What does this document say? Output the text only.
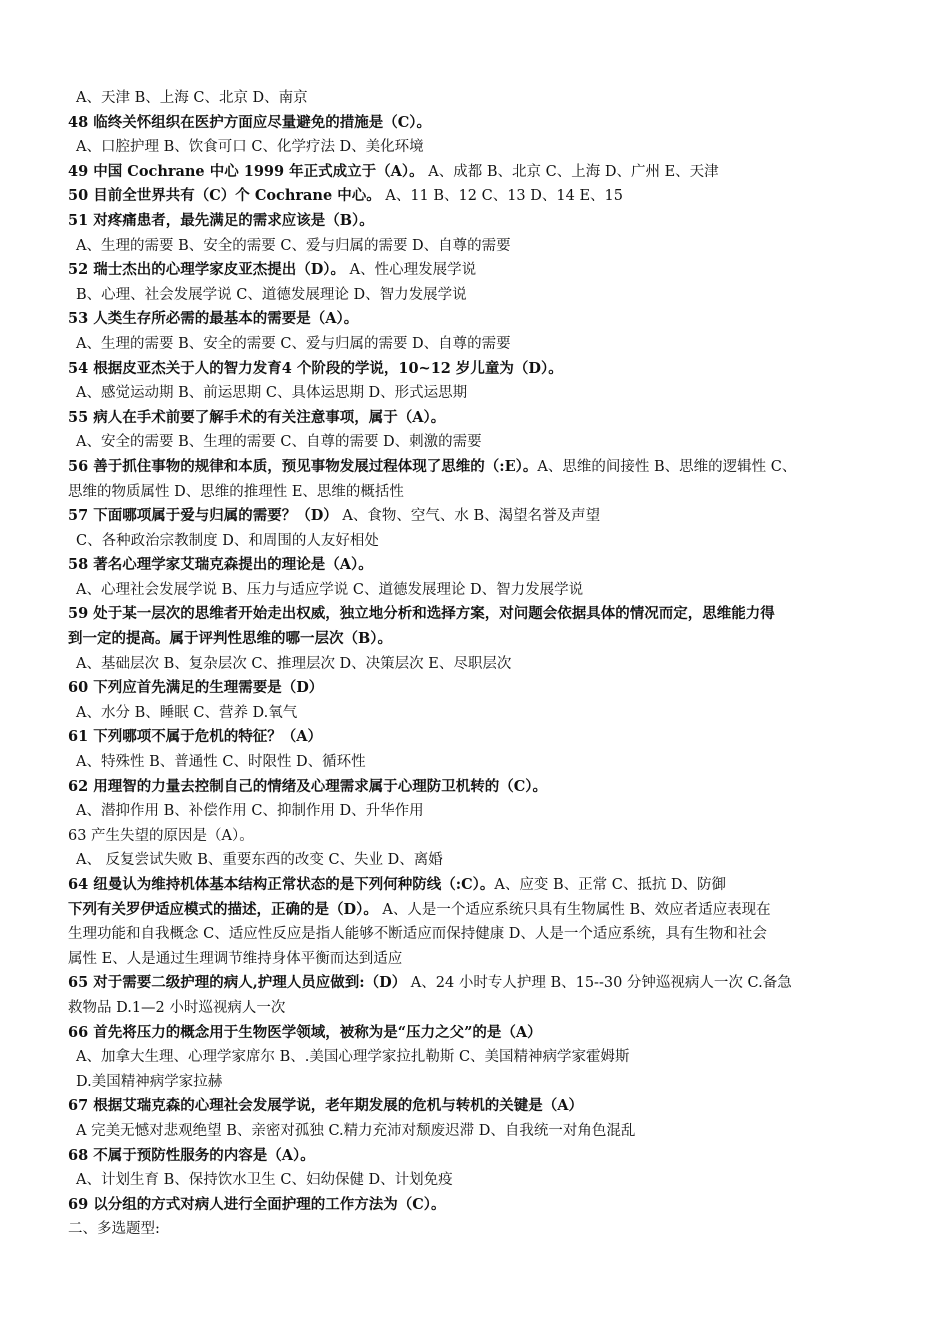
A、天津 B、上海 C、北京 D、南京
48 临终关怀组织在医护方面应尽量避免的措施是（C）。
A、口腔护理 B、饮食可口 C、化学疗法 D、美化环境
49 中国 Cochrane 中心 1999 年正式成立于（A）。 A、成都 B、北京 C、上海 D、广州 E、天津
50 目前全世界共有（C）个 Cochrane 中心。 A、11 B、12 C、13 D、14 E、15
51 对疼痛患者，最先满足的需求应该是（B）。
A、生理的需要 B、安全的需要 C、爱与归属的需要 D、自尊的需要
52 瑞士杰出的心理学家皮亚杰提出（D）。 A、性心理发展学说
B、心理、社会发展学说 C、道德发展理论 D、智力发展学说
53 人类生存所必需的最基本的需要是（A）。
A、生理的需要 B、安全的需要 C、爱与归属的需要 D、自尊的需要
54 根据皮亚杰关于人的智力发育4 个阶段的学说，10~12 岁儿童为（D）。
A、感觉运动期 B、前运思期 C、具体运思期 D、形式运思期
55 病人在手术前要了解手术的有关注意事项，属于（A）。
A、安全的需要 B、生理的需要 C、自尊的需要 D、刺激的需要
56 善于抓住事物的规律和本质，预见事物发展过程体现了思维的（:E）。A、思维的间接性 B、思维的逻辑性 C、
思维的物质属性 D、思维的推理性 E、思维的概括性
57 下面哪项属于爱与归属的需要？（D） A、食物、空气、水 B、渴望名誉及声望
C、各种政治宗教制度 D、和周围的人友好相处
58 著名心理学家艾瑞克森提出的理论是（A）。
A、心理社会发展学说 B、压力与适应学说 C、道德发展理论 D、智力发展学说
59 处于某一层次的思维者开始走出权威，独立地分析和选择方案，对问题会依据具体的情况而定，思维能力得
到一定的提高。属于评判性思维的哪一层次（B）。
A、基础层次 B、复杂层次 C、推理层次 D、决策层次 E、尽职层次
60 下列应首先满足的生理需要是（D）
A、水分 B、睡眠 C、营养 D.氧气
61 下列哪项不属于危机的特征？（A）
A、特殊性 B、普通性 C、时限性 D、循环性
62 用理智的力量去控制自己的情绪及心理需求属于心理防卫机转的（C）。
A、潜抑作用 B、补偿作用 C、抑制作用 D、升华作用
63 产生失望的原因是（A）。
A、 反复尝试失败 B、重要东西的改变 C、失业 D、离婚
64 纽曼认为维持机体基本结构正常状态的是下列何种防线（:C）。A、应变 B、正常 C、抵抗 D、防御
下列有关罗伊适应模式的描述，正确的是（D）。 A、人是一个适应系统只具有生物属性 B、效应者适应表现在
生理功能和自我概念 C、适应性反应是指人能够不断适应而保持健康 D、人是一个适应系统，具有生物和社会
属性 E、人是通过生理调节维持身体平衡而达到适应
65 对于需要二级护理的病人,护理人员应做到:（D） A、24 小时专人护理 B、15--30 分钟巡视病人一次 C.备急
救物品 D.1—2 小时巡视病人一次
66 首先将压力的概念用于生物医学领域，被称为是“压力之父”的是（A）
A、加拿大生理、心理学家席尔 B、.美国心理学家拉扎勒斯 C、美国精神病学家霍姆斯
D.美国精神病学家拉赫
67 根据艾瑞克森的心理社会发展学说，老年期发展的危机与转机的关键是（A）
A 完美无憾对悲观绝望 B、亲密对孤独 C.精力充沛对颓废迟滞 D、自我统一对角色混乱
68 不属于预防性服务的内容是（A）。
A、计划生育 B、保持饮水卫生 C、妇幼保健 D、计划免疫
69 以分组的方式对病人进行全面护理的工作方法为（C）。
二、多选题型:
